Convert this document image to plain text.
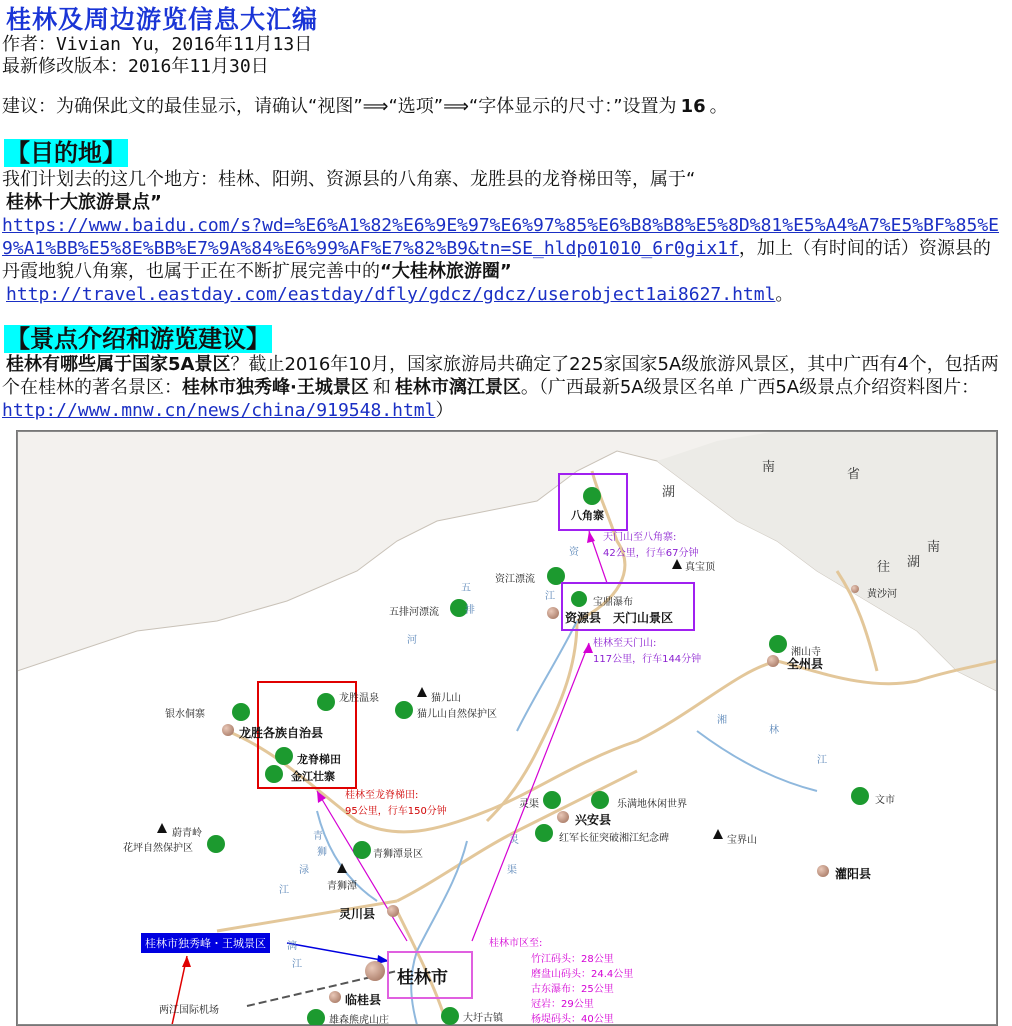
桂林及周边游览信息大汇编
作者：Vivian Yu，2016年11月13日
最新修改版本：2016年11月30日
建议：为确保此文的最佳显示，请确认“视图”⟹“选项”⟹“字体显示的尺寸：”设置为 16 。
【目的地】
我们计划去的这几个地方：桂林、阳朔、资源县的八角寨、龙胜县的龙脊梯田等，属于“
桂林十大旅游景点”
https://www.baidu.com/s?wd=%E6%A1%82%E6%9E%97%E6%97%85%E6%B8%B8%E5%8D%81%E5%A4%A7%E5%BF%85%E9%A1%BB%E5%8E%BB%E7%9A%84%E6%99%AF%E7%82%B9&tn=SE_hldp01010_6r0gix1f，加上（有时间的话）资源县的丹霞地貌八角寨，也属于正在不断扩展完善中的“大桂林旅游圈”
http://travel.eastday.com/eastday/dfly/gdcz/gdcz/userobject1ai8627.html。
【景点介绍和游览建议】
桂林有哪些属于国家5A景区？截止2016年10月，国家旅游局共确定了225家国家5A级旅游风景区，其中广西有4个，包括两个在桂林的著名景区：桂林市独秀峰·王城景区 和 桂林市漓江景区。（广西最新5A级景区名单 广西5A级景点介绍资料图片：http://www.mnw.cn/news/china/919548.html）
南	省
湖
南
湖
往
八角寨
天门山至八角寨:
42公里，行车67分钟
真宝顶
资江漂流
五排河漂流
宝鼎瀑布
资源县 天门山景区
桂林至天门山:
117公里，行车144分钟
黄沙河
湘山寺
全州县
龙胜温泉
银水侗寨
龙胜各族自治县
龙脊梯田
金江壮寨
猫儿山
猫儿山自然保护区
桂林至龙脊梯田:
95公里，行车150分钟
灵渠	乐满地休闲世界
兴安县
红军长征突破湘江纪念碑	宝界山
文市
灌阳县
蔚青岭
花坪自然保护区
青狮潭景区
青狮潭
灵川县
桂林市独秀峰・王城景区
桂林市
桂林市区至:
竹江码头：28公里
磨盘山码头：24.4公里
古东瀑布：25公里
冠岩：29公里
杨堤码头：40公里
临桂县
两江国际机场
雄森熊虎山庄	大圩古镇
资
江
五
排
河
湘
林
江
灵
渠
青
狮
渌
江
漓
江
